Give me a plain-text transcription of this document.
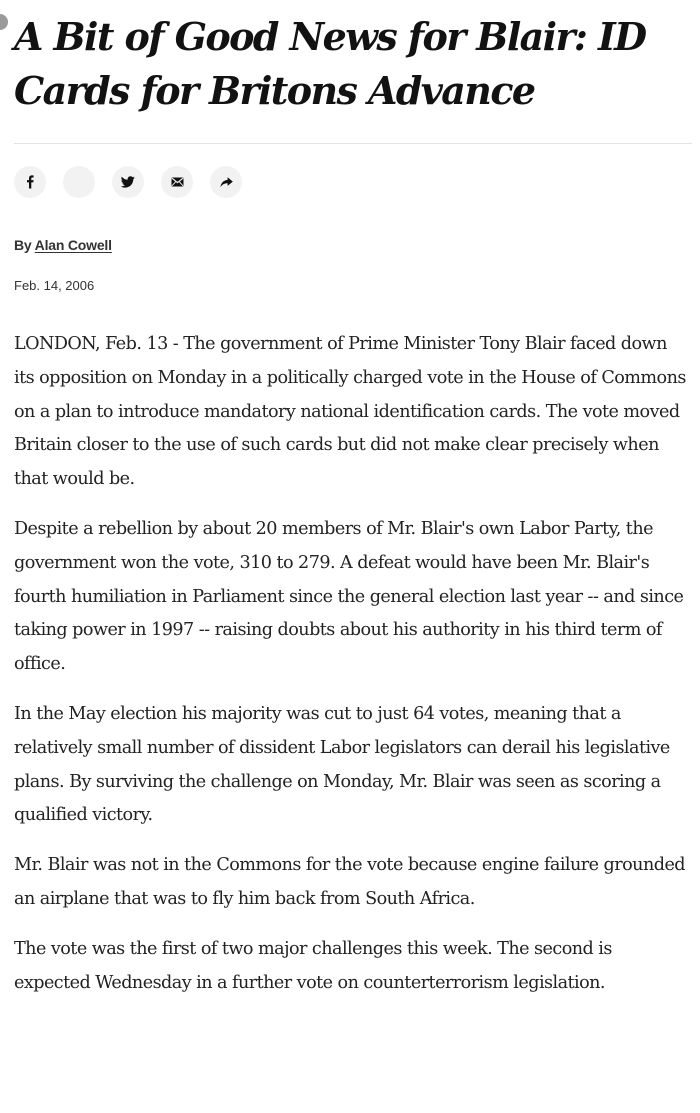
A Bit of Good News for Blair: ID Cards for Britons Advance

By Alan Cowell

Feb. 14, 2006

LONDON, Feb. 13 - The government of Prime Minister Tony Blair faced down its opposition on Monday in a politically charged vote in the House of Commons on a plan to introduce mandatory national identification cards. The vote moved Britain closer to the use of such cards but did not make clear precisely when that would be.

Despite a rebellion by about 20 members of Mr. Blair's own Labor Party, the government won the vote, 310 to 279. A defeat would have been Mr. Blair's fourth humiliation in Parliament since the general election last year -- and since taking power in 1997 -- raising doubts about his authority in his third term of office.

In the May election his majority was cut to just 64 votes, meaning that a relatively small number of dissident Labor legislators can derail his legislative plans. By surviving the challenge on Monday, Mr. Blair was seen as scoring a qualified victory.

Mr. Blair was not in the Commons for the vote because engine failure grounded an airplane that was to fly him back from South Africa.

The vote was the first of two major challenges this week. The second is expected Wednesday in a further vote on counterterrorism legislation.
